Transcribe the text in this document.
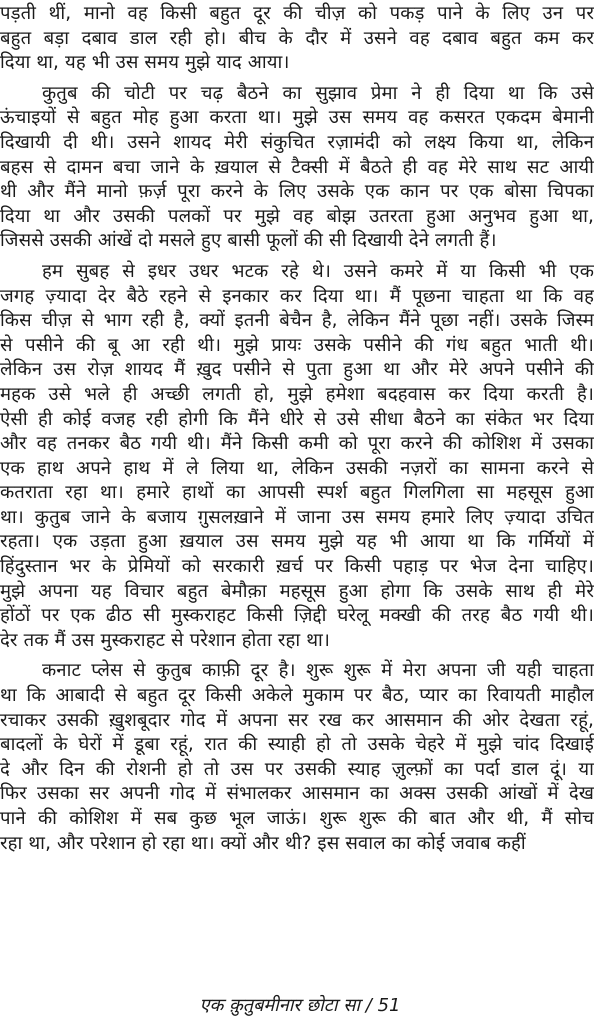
पड़ती थीं, मानो वह किसी बहुत दूर की चीज़ को पकड़ पाने के लिए उन पर
बहुत बड़ा दबाव डाल रही हो। बीच के दौर में उसने वह दबाव बहुत कम कर
दिया था, यह भी उस समय मुझे याद आया।
कुतुब की चोटी पर चढ़ बैठने का सुझाव प्रेमा ने ही दिया था कि उसे
ऊंचाइयों से बहुत मोह हुआ करता था। मुझे उस समय वह कसरत एकदम बेमानी
दिखायी दी थी। उसने शायद मेरी संकुचित रज़ामंदी को लक्ष्य किया था, लेकिन
बहस से दामन बचा जाने के ख़याल से टैक्सी में बैठते ही वह मेरे साथ सट आयी
थी और मैंने मानो फ़र्ज़ पूरा करने के लिए उसके एक कान पर एक बोसा चिपका
दिया था और उसकी पलकों पर मुझे वह बोझ उतरता हुआ अनुभव हुआ था,
जिससे उसकी आंखें दो मसले हुए बासी फूलों की सी दिखायी देने लगती हैं।
हम सुबह से इधर उधर भटक रहे थे। उसने कमरे में या किसी भी एक
जगह ज़्यादा देर बैठे रहने से इनकार कर दिया था। मैं पूछना चाहता था कि वह
किस चीज़ से भाग रही है, क्यों इतनी बेचैन है, लेकिन मैंने पूछा नहीं। उसके जिस्म
से पसीने की बू आ रही थी। मुझे प्रायः उसके पसीने की गंध बहुत भाती थी।
लेकिन उस रोज़ शायद मैं ख़ुद पसीने से पुता हुआ था और मेरे अपने पसीने की
महक उसे भले ही अच्छी लगती हो, मुझे हमेशा बदहवास कर दिया करती है।
ऐसी ही कोई वजह रही होगी कि मैंने धीरे से उसे सीधा बैठने का संकेत भर दिया
और वह तनकर बैठ गयी थी। मैंने किसी कमी को पूरा करने की कोशिश में उसका
एक हाथ अपने हाथ में ले लिया था, लेकिन उसकी नज़रों का सामना करने से
कतराता रहा था। हमारे हाथों का आपसी स्पर्श बहुत गिलगिला सा महसूस हुआ
था। कुतुब जाने के बजाय ग़ुसलख़ाने में जाना उस समय हमारे लिए ज़्यादा उचित
रहता। एक उड़ता हुआ ख़याल उस समय मुझे यह भी आया था कि गर्मियों में
हिंदुस्तान भर के प्रेमियों को सरकारी ख़र्च पर किसी पहाड़ पर भेज देना चाहिए।
मुझे अपना यह विचार बहुत बेमौक़ा महसूस हुआ होगा कि उसके साथ ही मेरे
होंठों पर एक ढीठ सी मुस्कराहट किसी ज़िद्दी घरेलू मक्खी की तरह बैठ गयी थी।
देर तक मैं उस मुस्कराहट से परेशान होता रहा था।
कनाट प्लेस से कुतुब काफ़ी दूर है। शुरू शुरू में मेरा अपना जी यही चाहता
था कि आबादी से बहुत दूर किसी अकेले मुकाम पर बैठ, प्यार का रिवायती माहौल
रचाकर उसकी ख़ुशबूदार गोद में अपना सर रख कर आसमान की ओर देखता रहूं,
बादलों के घेरों में डूबा रहूं, रात की स्याही हो तो उसके चेहरे में मुझे चांद दिखाई
दे और दिन की रोशनी हो तो उस पर उसकी स्याह ज़ुल्फ़ों का पर्दा डाल दूं। या
फिर उसका सर अपनी गोद में संभालकर आसमान का अक्स उसकी आंखों में देख
पाने की कोशिश में सब कुछ भूल जाऊं। शुरू शुरू की बात और थी, मैं सोच
रहा था, और परेशान हो रहा था। क्यों और थी? इस सवाल का कोई जवाब कहीं
एक क़ुतुबमीनार छोटा सा / 51
